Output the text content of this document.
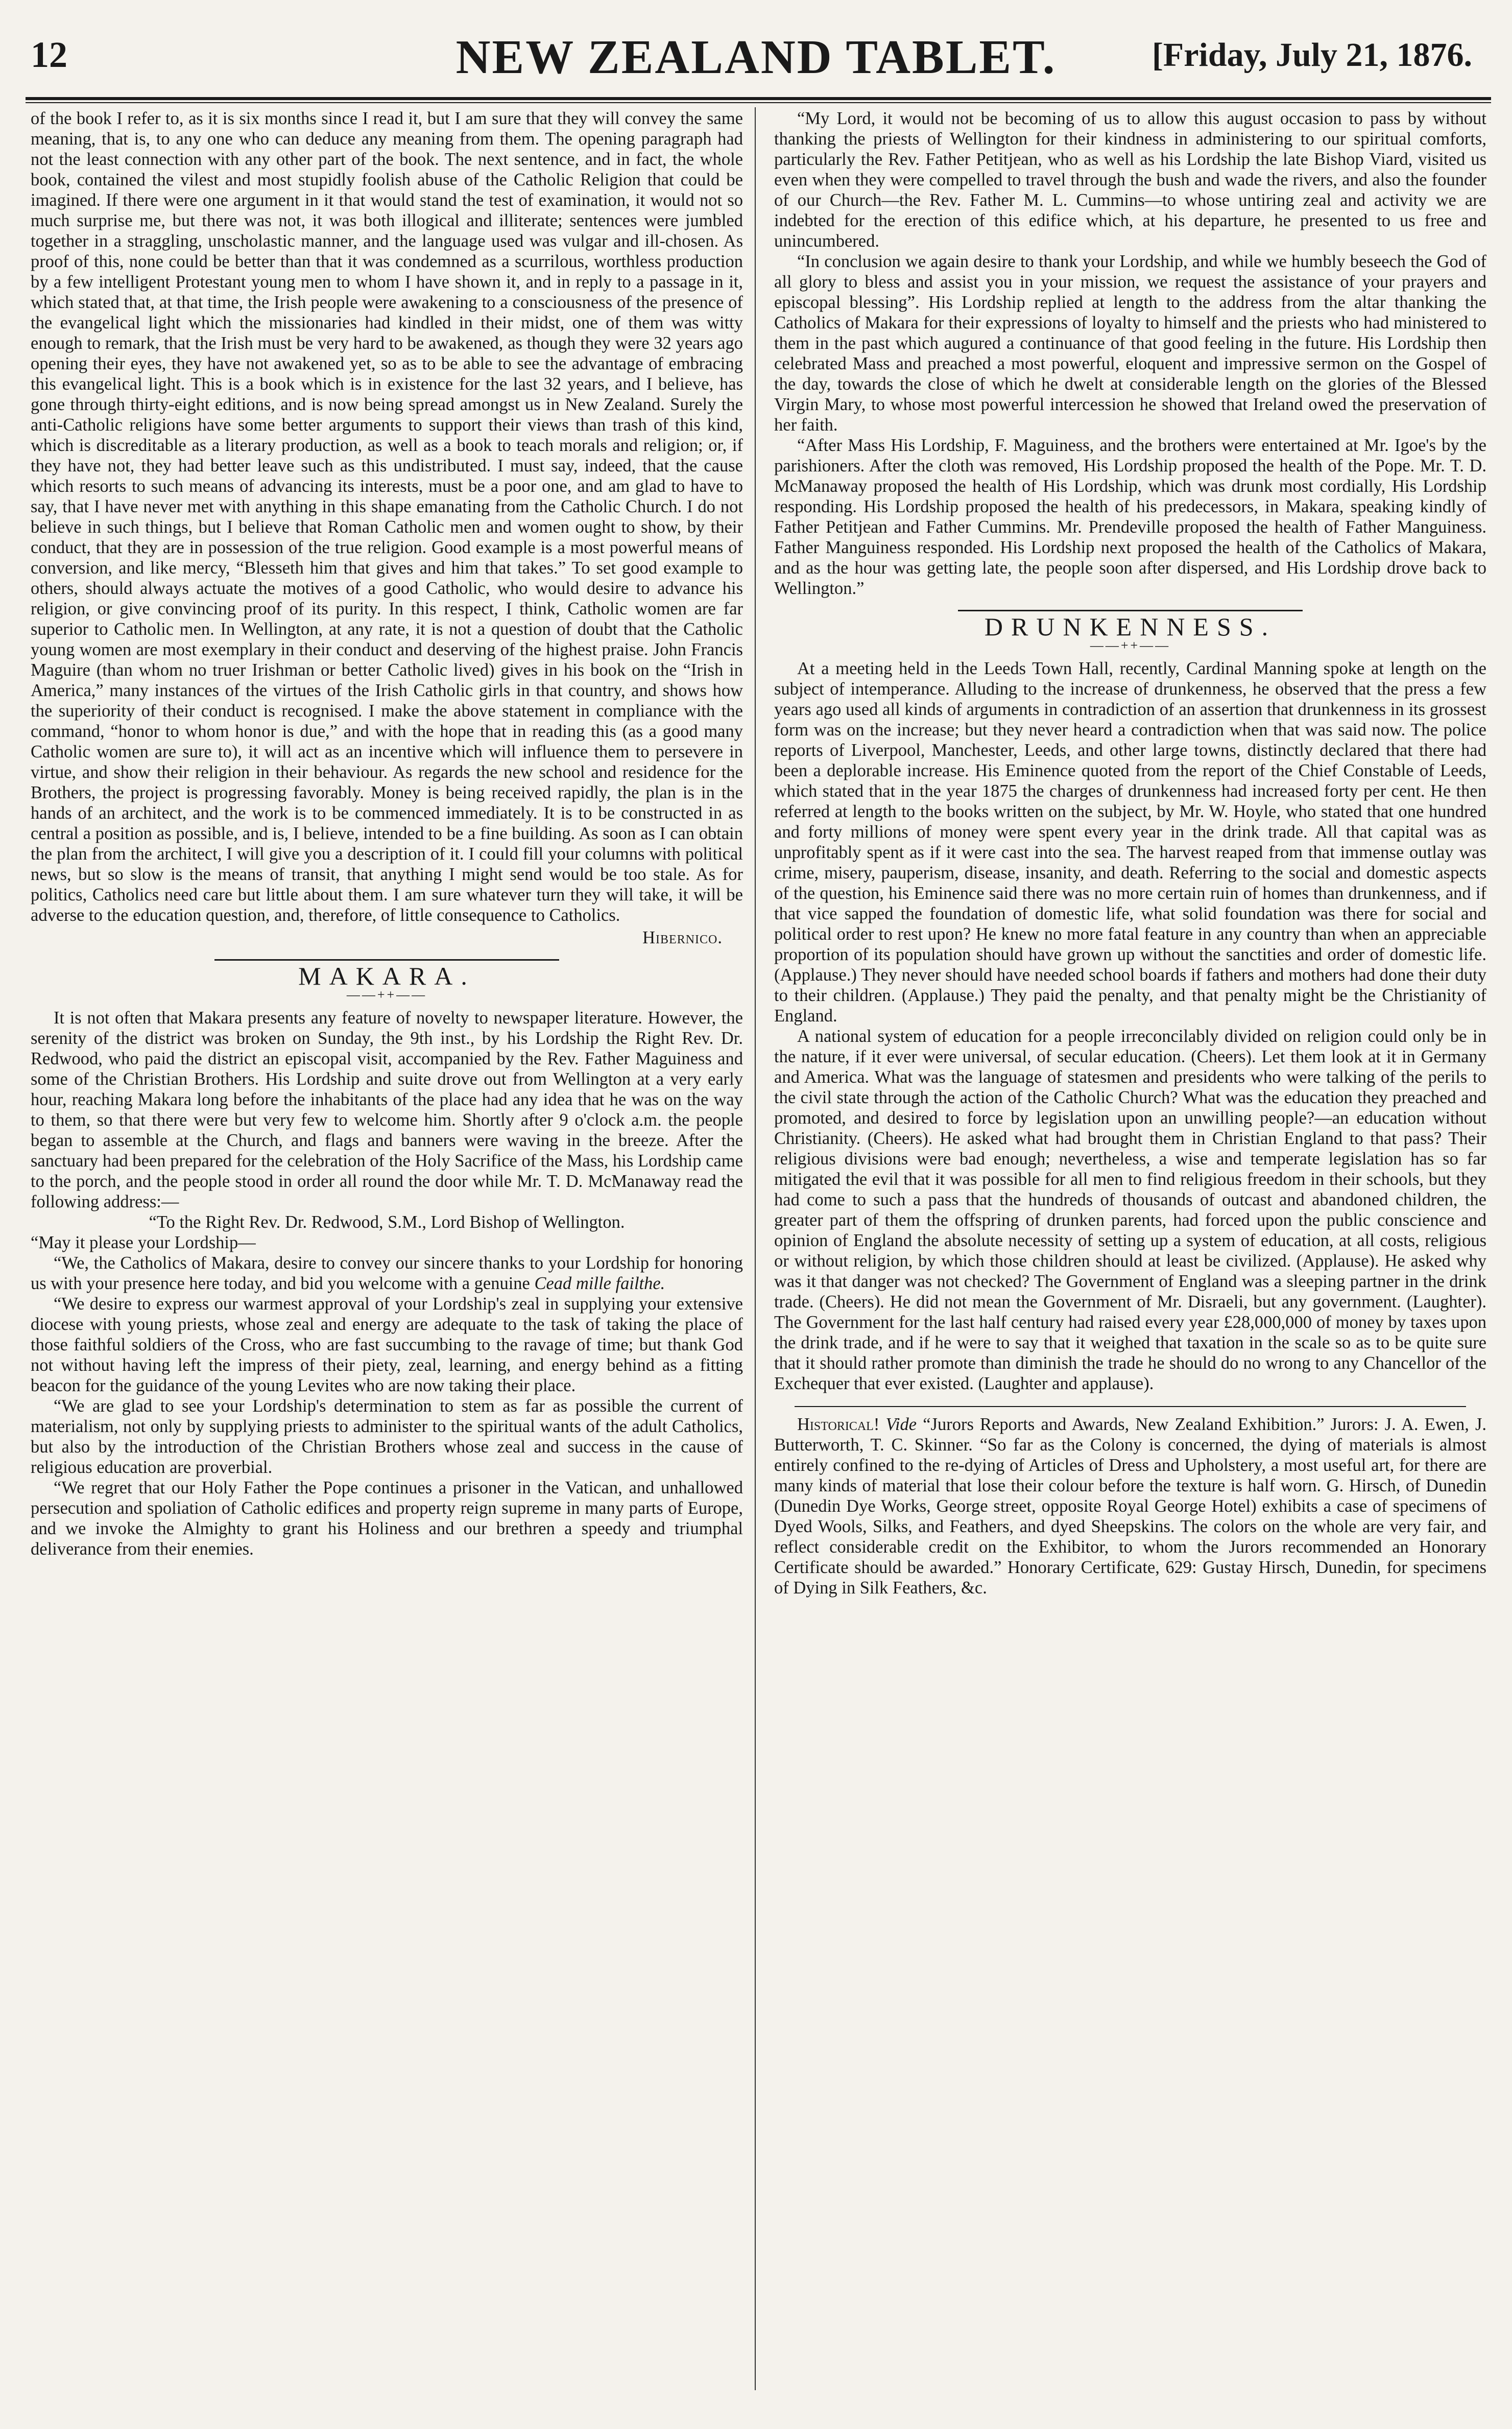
12	NEW ZEALAND TABLET.	[Friday, July 21, 1876.

of the book I refer to, as it is six months since I read it, but I am sure that they will convey the same meaning, that is, to any one who can deduce any meaning from them. The opening paragraph had not the least connection with any other part of the book. The next sentence, and in fact, the whole book, contained the vilest and most stupidly foolish abuse of the Catholic Religion that could be imagined. If there were one argument in it that would stand the test of examination, it would not so much surprise me, but there was not, it was both illogical and illiterate; sentences were jumbled together in a straggling, unscholastic manner, and the language used was vulgar and ill-chosen. As proof of this, none could be better than that it was condemned as a scurrilous, worthless production by a few intelligent Protestant young men to whom I have shown it, and in reply to a passage in it, which stated that, at that time, the Irish people were awakening to a consciousness of the presence of the evangelical light which the missionaries had kindled in their midst, one of them was witty enough to remark, that the Irish must be very hard to be awakened, as though they were 32 years ago opening their eyes, they have not awakened yet, so as to be able to see the advantage of embracing this evangelical light. This is a book which is in existence for the last 32 years, and I believe, has gone through thirty-eight editions, and is now being spread amongst us in New Zealand. Surely the anti-Catholic religions have some better arguments to support their views than trash of this kind, which is discreditable as a literary production, as well as a book to teach morals and religion; or, if they have not, they had better leave such as this undistributed. I must say, indeed, that the cause which resorts to such means of advancing its interests, must be a poor one, and am glad to have to say, that I have never met with anything in this shape emanating from the Catholic Church. I do not believe in such things, but I believe that Roman Catholic men and women ought to show, by their conduct, that they are in possession of the true religion. Good example is a most powerful means of conversion, and like mercy, “Blesseth him that gives and him that takes.” To set good example to others, should always actuate the motives of a good Catholic, who would desire to advance his religion, or give convincing proof of its purity. In this respect, I think, Catholic women are far superior to Catholic men. In Wellington, at any rate, it is not a question of doubt that the Catholic young women are most exemplary in their conduct and deserving of the highest praise. John Francis Maguire (than whom no truer Irishman or better Catholic lived) gives in his book on the “Irish in America,” many instances of the virtues of the Irish Catholic girls in that country, and shows how the superiority of their conduct is recognised. I make the above statement in compliance with the command, “honor to whom honor is due,” and with the hope that in reading this (as a good many Catholic women are sure to), it will act as an incentive which will influence them to persevere in virtue, and show their religion in their behaviour. As regards the new school and residence for the Brothers, the project is progressing favorably. Money is being received rapidly, the plan is in the hands of an architect, and the work is to be commenced immediately. It is to be constructed in as central a position as possible, and is, I believe, intended to be a fine building. As soon as I can obtain the plan from the architect, I will give you a description of it. I could fill your columns with political news, but so slow is the means of transit, that anything I might send would be too stale. As for politics, Catholics need care but little about them. I am sure whatever turn they will take, it will be adverse to the education question, and, therefore, of little consequence to Catholics.

Hibernico.
MAKARA.
——++——

It is not often that Makara presents any feature of novelty to newspaper literature. However, the serenity of the district was broken on Sunday, the 9th inst., by his Lordship the Right Rev. Dr. Redwood, who paid the district an episcopal visit, accompanied by the Rev. Father Maguiness and some of the Christian Brothers. His Lordship and suite drove out from Wellington at a very early hour, reaching Makara long before the inhabitants of the place had any idea that he was on the way to them, so that there were but very few to welcome him. Shortly after 9 o'clock a.m. the people began to assemble at the Church, and flags and banners were waving in the breeze. After the sanctuary had been prepared for the celebration of the Holy Sacrifice of the Mass, his Lordship came to the porch, and the people stood in order all round the door while Mr. T. D. McManaway read the following address:—

“To the Right Rev. Dr. Redwood, S.M., Lord Bishop of Wellington.

“May it please your Lordship—

“We, the Catholics of Makara, desire to convey our sincere thanks to your Lordship for honoring us with your presence here today, and bid you welcome with a genuine Cead mille failthe.

“We desire to express our warmest approval of your Lordship's zeal in supplying your extensive diocese with young priests, whose zeal and energy are adequate to the task of taking the place of those faithful soldiers of the Cross, who are fast succumbing to the ravage of time; but thank God not without having left the impress of their piety, zeal, learning, and energy behind as a fitting beacon for the guidance of the young Levites who are now taking their place.

“We are glad to see your Lordship's determination to stem as far as possible the current of materialism, not only by supplying priests to administer to the spiritual wants of the adult Catholics, but also by the introduction of the Christian Brothers whose zeal and success in the cause of religious education are proverbial.

“We regret that our Holy Father the Pope continues a prisoner in the Vatican, and unhallowed persecution and spoliation of Catholic edifices and property reign supreme in many parts of Europe, and we invoke the Almighty to grant his Holiness and our brethren a speedy and triumphal deliverance from their enemies.

“My Lord, it would not be becoming of us to allow this august occasion to pass by without thanking the priests of Wellington for their kindness in administering to our spiritual comforts, particularly the Rev. Father Petitjean, who as well as his Lordship the late Bishop Viard, visited us even when they were compelled to travel through the bush and wade the rivers, and also the founder of our Church—the Rev. Father M. L. Cummins—to whose untiring zeal and activity we are indebted for the erection of this edifice which, at his departure, he presented to us free and unincumbered.

“In conclusion we again desire to thank your Lordship, and while we humbly beseech the God of all glory to bless and assist you in your mission, we request the assistance of your prayers and episcopal blessing”. His Lordship replied at length to the address from the altar thanking the Catholics of Makara for their expressions of loyalty to himself and the priests who had ministered to them in the past which augured a continuance of that good feeling in the future. His Lordship then celebrated Mass and preached a most powerful, eloquent and impressive sermon on the Gospel of the day, towards the close of which he dwelt at considerable length on the glories of the Blessed Virgin Mary, to whose most powerful intercession he showed that Ireland owed the preservation of her faith.

“After Mass His Lordship, F. Maguiness, and the brothers were entertained at Mr. Igoe's by the parishioners. After the cloth was removed, His Lordship proposed the health of the Pope. Mr. T. D. McManaway proposed the health of His Lordship, which was drunk most cordially, His Lordship responding. His Lordship proposed the health of his predecessors, in Makara, speaking kindly of Father Petitjean and Father Cummins. Mr. Prendeville proposed the health of Father Manguiness. Father Manguiness responded. His Lordship next proposed the health of the Catholics of Makara, and as the hour was getting late, the people soon after dispersed, and His Lordship drove back to Wellington.”

DRUNKENNESS.
——++——

At a meeting held in the Leeds Town Hall, recently, Cardinal Manning spoke at length on the subject of intemperance. Alluding to the increase of drunkenness, he observed that the press a few years ago used all kinds of arguments in contradiction of an assertion that drunkenness in its grossest form was on the increase; but they never heard a contradiction when that was said now. The police reports of Liverpool, Manchester, Leeds, and other large towns, distinctly declared that there had been a deplorable increase. His Eminence quoted from the report of the Chief Constable of Leeds, which stated that in the year 1875 the charges of drunkenness had increased forty per cent. He then referred at length to the books written on the subject, by Mr. W. Hoyle, who stated that one hundred and forty millions of money were spent every year in the drink trade. All that capital was as unprofitably spent as if it were cast into the sea. The harvest reaped from that immense outlay was crime, misery, pauperism, disease, insanity, and death. Referring to the social and domestic aspects of the question, his Eminence said there was no more certain ruin of homes than drunkenness, and if that vice sapped the foundation of domestic life, what solid foundation was there for social and political order to rest upon? He knew no more fatal feature in any country than when an appreciable proportion of its population should have grown up without the sanctities and order of domestic life. (Applause.) They never should have needed school boards if fathers and mothers had done their duty to their children. (Applause.) They paid the penalty, and that penalty might be the Christianity of England.

A national system of education for a people irreconcilably divided on religion could only be in the nature, if it ever were universal, of secular education. (Cheers). Let them look at it in Germany and America. What was the language of statesmen and presidents who were talking of the perils to the civil state through the action of the Catholic Church? What was the education they preached and promoted, and desired to force by legislation upon an unwilling people?—an education without Christianity. (Cheers). He asked what had brought them in Christian England to that pass? Their religious divisions were bad enough; nevertheless, a wise and temperate legislation has so far mitigated the evil that it was possible for all men to find religious freedom in their schools, but they had come to such a pass that the hundreds of thousands of outcast and abandoned children, the greater part of them the offspring of drunken parents, had forced upon the public conscience and opinion of England the absolute necessity of setting up a system of education, at all costs, religious or without religion, by which those children should at least be civilized. (Applause). He asked why was it that danger was not checked? The Government of England was a sleeping partner in the drink trade. (Cheers). He did not mean the Government of Mr. Disraeli, but any government. (Laughter). The Government for the last half century had raised every year £28,000,000 of money by taxes upon the drink trade, and if he were to say that it weighed that taxation in the scale so as to be quite sure that it should rather promote than diminish the trade he should do no wrong to any Chancellor of the Exchequer that ever existed. (Laughter and applause).

Historical! Vide “Jurors Reports and Awards, New Zealand Exhibition.” Jurors: J. A. Ewen, J. Butterworth, T. C. Skinner. “So far as the Colony is concerned, the dying of materials is almost entirely confined to the re-dying of Articles of Dress and Upholstery, a most useful art, for there are many kinds of material that lose their colour before the texture is half worn. G. Hirsch, of Dunedin (Dunedin Dye Works, George street, opposite Royal George Hotel) exhibits a case of specimens of Dyed Wools, Silks, and Feathers, and dyed Sheepskins. The colors on the whole are very fair, and reflect considerable credit on the Exhibitor, to whom the Jurors recommended an Honorary Certificate should be awarded.” Honorary Certificate, 629: Gustay Hirsch, Dunedin, for specimens of Dying in Silk Feathers, &c.
